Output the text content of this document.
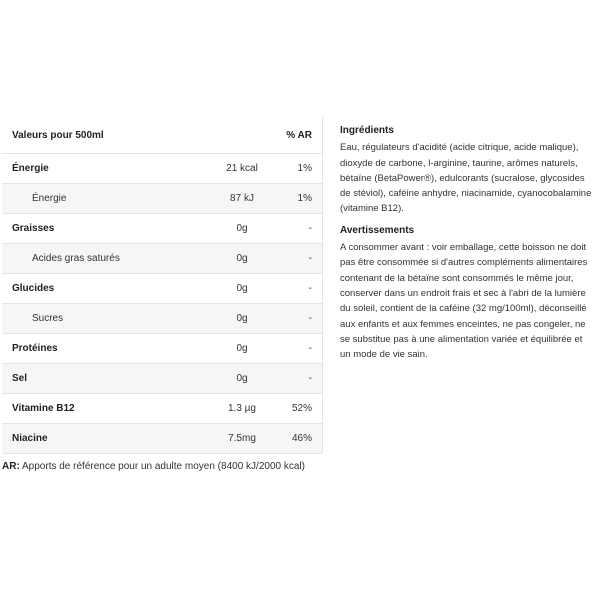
Valeurs pour 500ml		% AR
Énergie	21 kcal	1%
Énergie	87 kJ	1%
Graisses	0g	-
Acides gras saturés	0g	-
Glucides	0g	-
Sucres	0g	-
Protéines	0g	-
Sel	0g	-
Vitamine B12	1.3 µg	52%
Niacine	7.5mg	46%
AR: Apports de référence pour un adulte moyen (8400 kJ/2000 kcal)
Ingrédients

Eau, régulateurs d'acidité (acide citrique, acide malique), dioxyde de carbone, l-arginine, taurine, arômes naturels, bétaïne (BetaPower®), edulcorants (sucralose, glycosides de stéviol), caféine anhydre, niacinamide, cyanocobalamine (vitamine B12).

Avertissements

A consommer avant : voir emballage, cette boisson ne doit pas être consommée si d'autres compléments alimentaires contenant de la bétaïne sont consommés le même jour, conserver dans un endroit frais et sec à l'abri de la lumière du soleil, contient de la caféine (32 mg/100ml), déconseillé aux enfants et aux femmes enceintes, ne pas congeler, ne se substitue pas à une alimentation variée et équilibrée et un mode de vie sain.
